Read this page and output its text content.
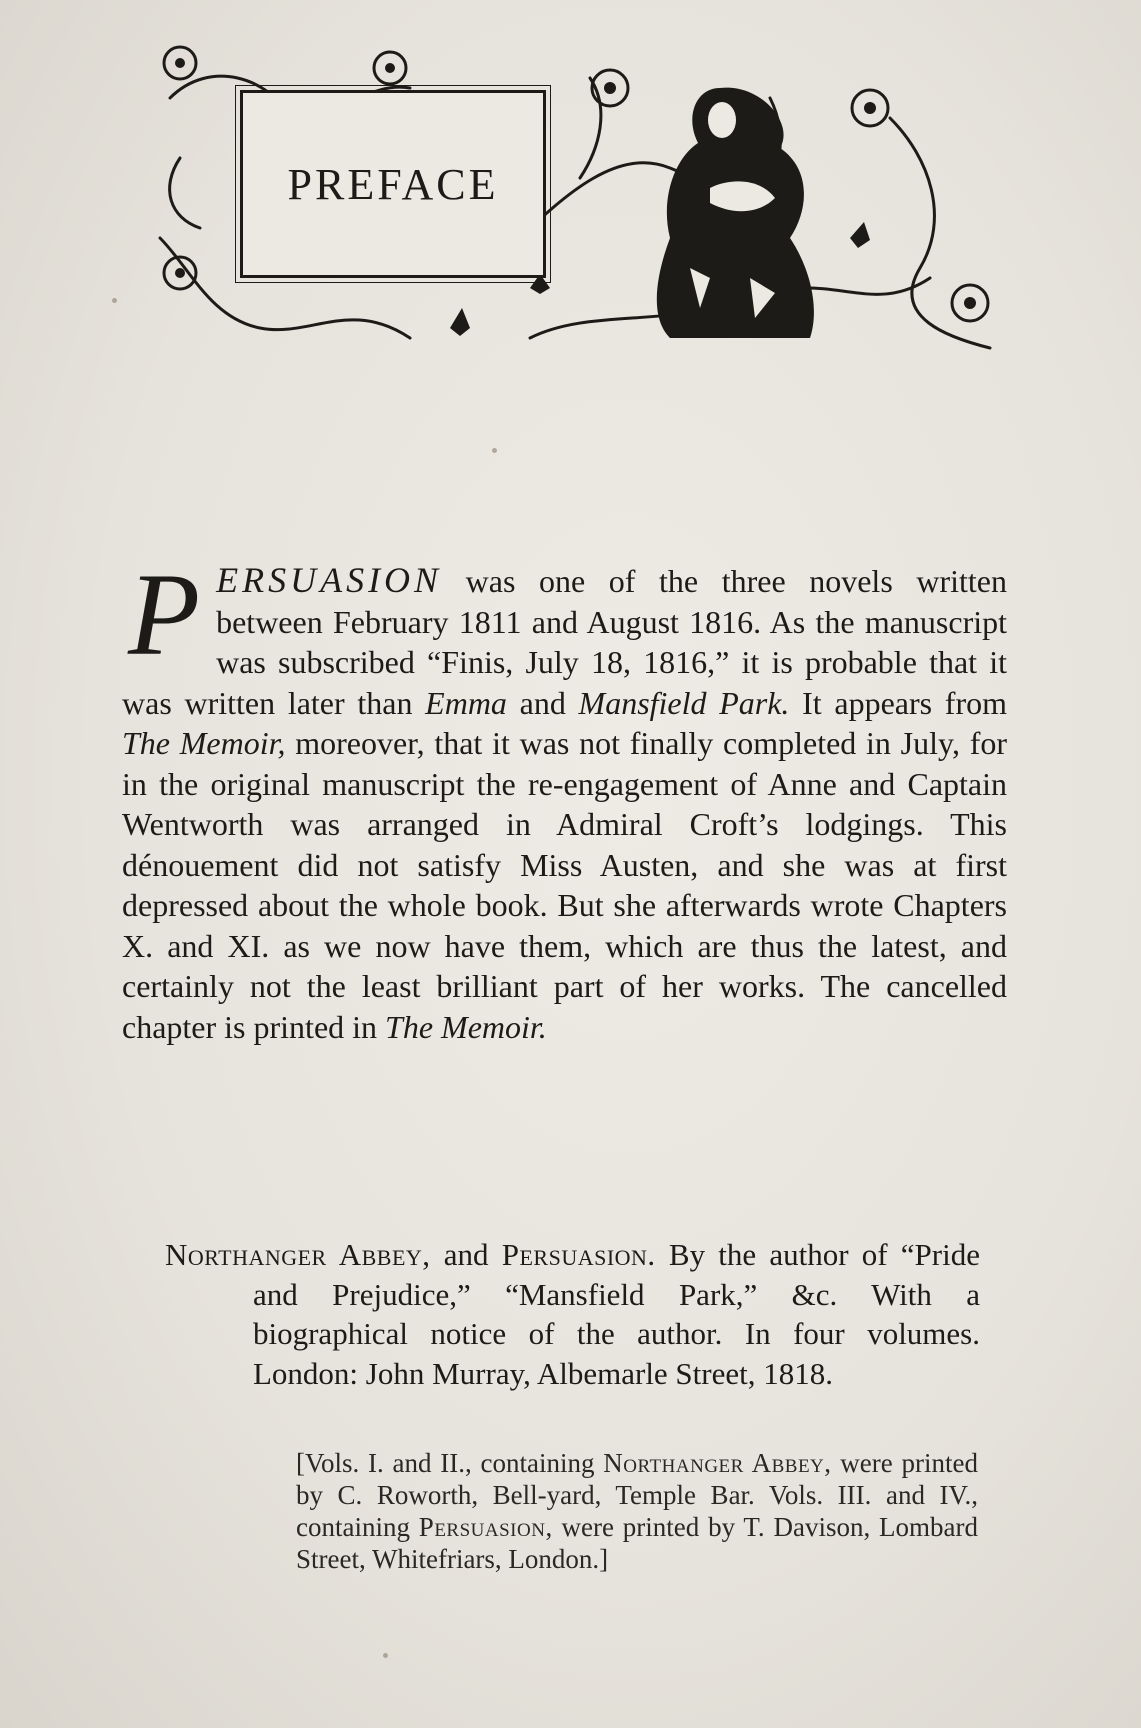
PREFACE
PERSUASION was one of the three novels written between February 1811 and August 1816. As the manuscript was subscribed “Finis, July 18, 1816,” it is probable that it was written later than Emma and Mansfield Park. It appears from The Memoir, moreover, that it was not finally completed in July, for in the original manuscript the re-engagement of Anne and Captain Wentworth was arranged in Admiral Croft’s lodgings. This dénouement did not satisfy Miss Austen, and she was at first depressed about the whole book. But she afterwards wrote Chapters X. and XI. as we now have them, which are thus the latest, and certainly not the least brilliant part of her works. The cancelled chapter is printed in The Memoir.
Northanger Abbey, and Persuasion. By the author of “Pride and Prejudice,” “Mansfield Park,” &c. With a biographical notice of the author. In four volumes. London: John Murray, Albemarle Street, 1818.
[Vols. I. and II., containing Northanger Abbey, were printed by C. Roworth, Bell-yard, Temple Bar. Vols. III. and IV., containing Persuasion, were printed by T. Davison, Lombard Street, Whitefriars, London.]
